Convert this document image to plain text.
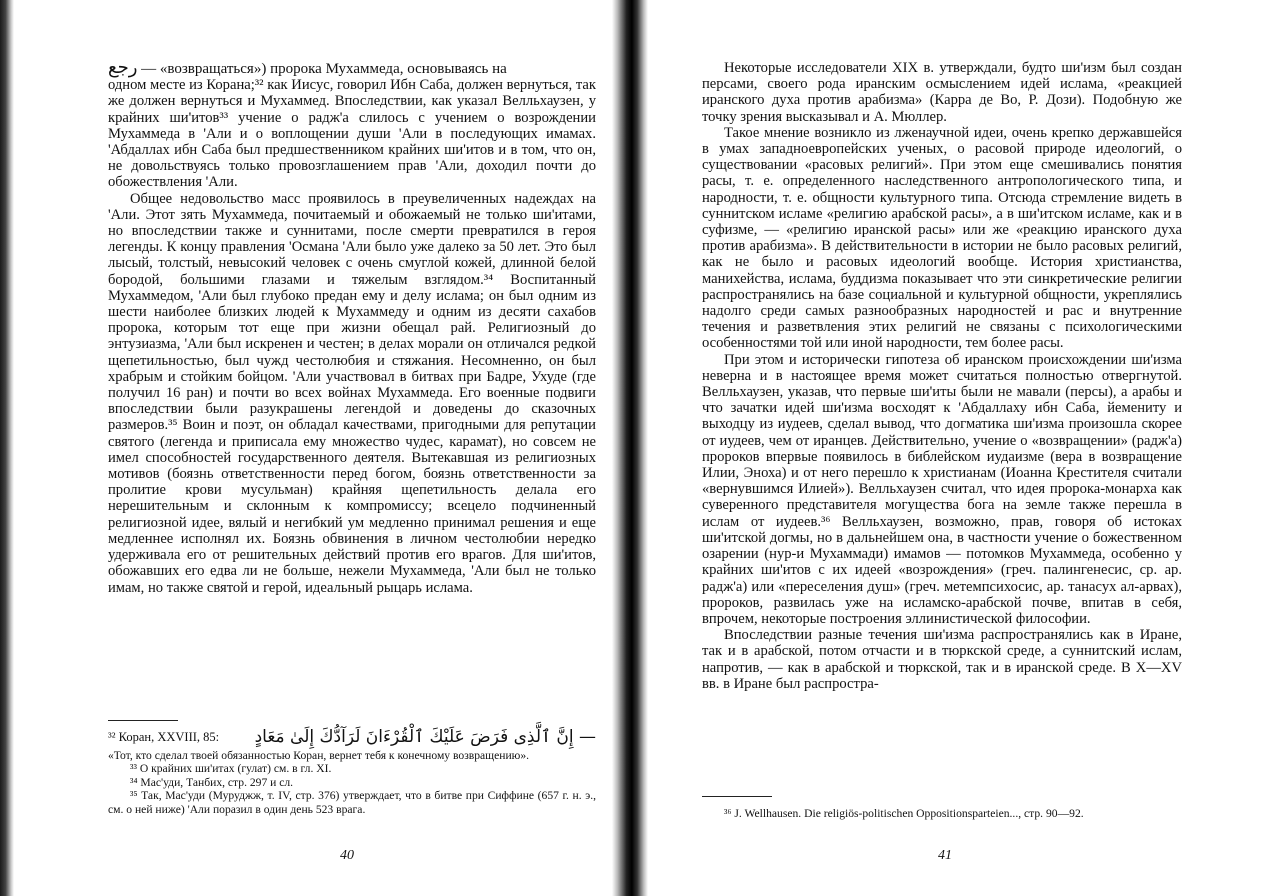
رجع — «возвращаться») пророка Мухаммеда, основываясь на

одном месте из Корана;³² как Иисус, говорил Ибн Саба, должен вернуться, так же должен вернуться и Мухаммед. Впоследствии, как указал Велльхаузен, у крайних ши'итов³³ учение о радж'а слилось с учением о возрождении Мухаммеда в 'Али и о воплощении души 'Али в последующих имамах. 'Абдаллах ибн Саба был предшественником крайних ши'итов и в том, что он, не довольствуясь только провозглашением прав 'Али, доходил почти до обожествления 'Али.

Общее недовольство масс проявилось в преувеличенных надеждах на 'Али. Этот зять Мухаммеда, почитаемый и обожаемый не только ши'итами, но впоследствии также и суннитами, после смерти превратился в героя легенды. К концу правления 'Османа 'Али было уже далеко за 50 лет. Это был лысый, толстый, невысокий человек с очень смуглой кожей, длинной белой бородой, большими глазами и тяжелым взглядом.³⁴ Воспитанный Мухаммедом, 'Али был глубоко предан ему и делу ислама; он был одним из шести наиболее близких людей к Мухаммеду и одним из десяти сахабов пророка, которым тот еще при жизни обещал рай. Религиозный до энтузиазма, 'Али был искренен и честен; в делах морали он отличался редкой щепетильностью, был чужд честолюбия и стяжания. Несомненно, он был храбрым и стойким бойцом. 'Али участвовал в битвах при Бадре, Ухуде (где получил 16 ран) и почти во всех войнах Мухаммеда. Его военные подвиги впоследствии были разукрашены легендой и доведены до сказочных размеров.³⁵ Воин и поэт, он обладал качествами, пригодными для репутации святого (легенда и приписала ему множество чудес, карамат), но совсем не имел способностей государственного деятеля. Вытекавшая из религиозных мотивов (боязнь ответственности перед богом, боязнь ответственности за пролитие крови мусульман) крайняя щепетильность делала его нерешительным и склонным к компромиссу; всецело подчиненный религиозной идее, вялый и негибкий ум медленно принимал решения и еще медленнее исполнял их. Боязнь обвинения в личном честолюбии нередко удерживала его от решительных действий против его врагов. Для ши'итов, обожавших его едва ли не больше, нежели Мухаммеда, 'Али был не только имам, но также святой и герой, идеальный рыцарь ислама.

³² Коран, XXVIII, 85: — إِنَّ ٱلَّذِى فَرَضَ عَلَيْكَ ٱلْقُرْءَانَ لَرَآدُّكَ إِلَىٰ مَعَادٍ
«Тот, кто сделал твоей обязанностью Коран, вернет тебя к конечному возвращению».
³³ О крайних ши'итах (гулат) см. в гл. XI.
³⁴ Мас'уди, Танбих, стр. 297 и сл.
³⁵ Так, Мас'уди (Муруджж, т. IV, стр. 376) утверждает, что в битве при Сиффине (657 г. н. э., см. о ней ниже) 'Али поразил в один день 523 врага.
40

Некоторые исследователи XIX в. утверждали, будто ши'изм был создан персами, своего рода иранским осмыслением идей ислама, «реакцией иранского духа против арабизма» (Карра де Во, Р. Дози). Подобную же точку зрения высказывал и А. Мюллер.

Такое мнение возникло из лженаучной идеи, очень крепко державшейся в умах западноевропейских ученых, о расовой природе идеологий, о существовании «расовых религий». При этом еще смешивались понятия расы, т. е. определенного наследственного антропологического типа, и народности, т. е. общности культурного типа. Отсюда стремление видеть в суннитском исламе «религию арабской расы», а в ши'итском исламе, как и в суфизме, — «религию иранской расы» или же «реакцию иранского духа против арабизма». В действительности в истории не было расовых религий, как не было и расовых идеологий вообще. История христианства, манихейства, ислама, буддизма показывает что эти синкретические религии распространялись на базе социальной и культурной общности, укреплялись надолго среди самых разнообразных народностей и рас и внутренние течения и разветвления этих религий не связаны с психологическими особенностями той или иной народности, тем более расы.

При этом и исторически гипотеза об иранском происхождении ши'изма неверна и в настоящее время может считаться полностью отвергнутой. Велльхаузен, указав, что первые ши'иты были не мавали (персы), а арабы и что зачатки идей ши'изма восходят к 'Абдаллаху ибн Саба, йемениту и выходцу из иудеев, сделал вывод, что догматика ши'изма произошла скорее от иудеев, чем от иранцев. Действительно, учение о «возвращении» (радж'а) пророков впервые появилось в библейском иудаизме (вера в возвращение Илии, Эноха) и от него перешло к христианам (Иоанна Крестителя считали «вернувшимся Илией»). Велльхаузен считал, что идея пророка-монарха как суверенного представителя могущества бога на земле также перешла в ислам от иудеев.³⁶ Велльхаузен, возможно, прав, говоря об истоках ши'итской догмы, но в дальнейшем она, в частности учение о божественном озарении (нур-и Мухаммади) имамов — потомков Мухаммеда, особенно у крайних ши'итов с их идеей «возрождения» (греч. палингенесис, ср. ар. радж'а) или «переселения душ» (греч. метемпсихосис, ар. танасух ал-арвах), пророков, развилась уже на исламско-арабской почве, впитав в себя, впрочем, некоторые построения эллинистической философии.

Впоследствии разные течения ши'изма распространялись как в Иране, так и в арабской, потом отчасти и в тюркской среде, а суннитский ислам, напротив, — как в арабской и тюркской, так и в иранской среде. В X—XV вв. в Иране был распростра-

³⁶ J. Wellhausen. Die religiös-politischen Oppositionsparteien..., стр. 90—92.
41
